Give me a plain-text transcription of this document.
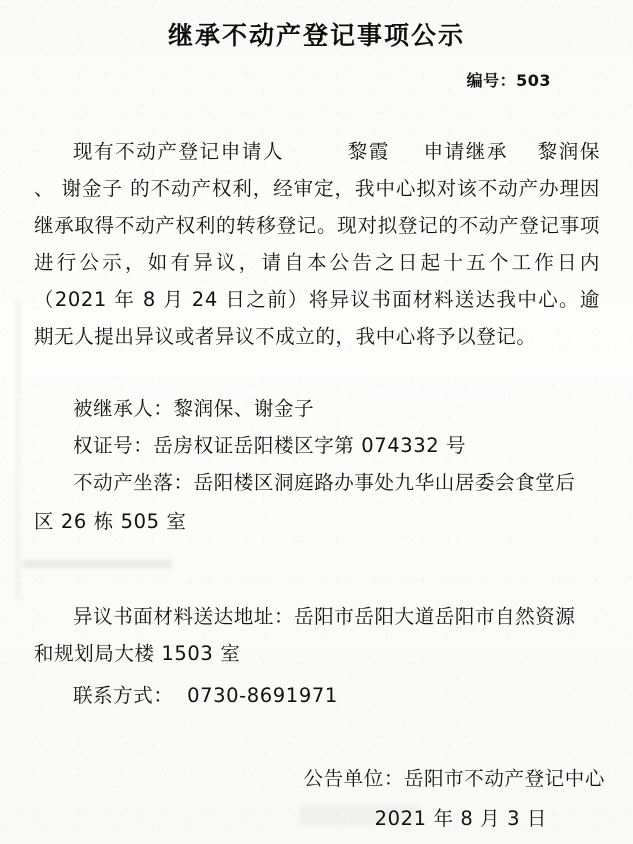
继承不动产登记事项公示
编号：503
现有不动产登记申请人	黎霞 申请继承 黎润保 、 谢金子 的不动产权利，经审定，我中心拟对该不动产办理因继承取得不动产权利的转移登记。现对拟登记的不动产登记事项进行公示，如有异议，请自本公告之日起十五个工作日内（2021 年 8 月 24 日之前）将异议书面材料送达我中心。逾期无人提出异议或者异议不成立的，我中心将予以登记。
被继承人：黎润保、谢金子
权证号：岳房权证岳阳楼区字第 074332 号
不动产坐落：岳阳楼区洞庭路办事处九华山居委会食堂后
区 26 栋 505 室
异议书面材料送达地址：岳阳市岳阳大道岳阳市自然资源
和规划局大楼 1503 室
联系方式： 0730-8691971
公告单位：岳阳市不动产登记中心
2021 年 8 月 3 日
